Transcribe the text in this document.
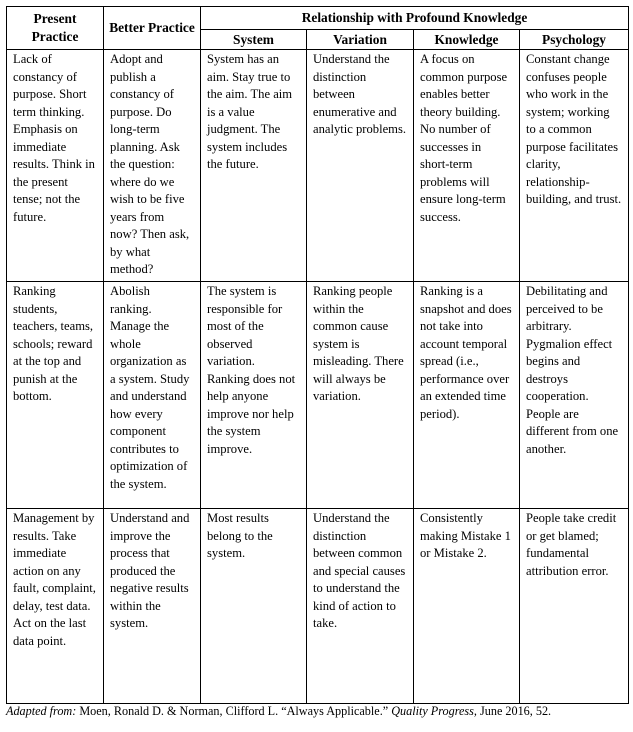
Present Practice	Better Practice	Relationship with Profound Knowledge			
		System	Variation	Knowledge	Psychology

Lack of constancy of purpose. Short term thinking. Emphasis on immediate results. Think in the present tense; not the future.	Adopt and publish a constancy of purpose. Do long-term planning. Ask the question: where do we wish to be five years from now? Then ask, by what method?	System has an aim. Stay true to the aim. The aim is a value judgment. The system includes the future.	Understand the distinction between enumerative and analytic problems.	A focus on common purpose enables better theory building. No number of successes in short-term problems will ensure long-term success.	Constant change confuses people who work in the system; working to a common purpose facilitates clarity, relationship-building, and trust.

Ranking students, teachers, teams, schools; reward at the top and punish at the bottom.	Abolish ranking. Manage the whole organization as a system. Study and understand how every component contributes to optimization of the system.	The system is responsible for most of the observed variation. Ranking does not help anyone improve nor help the system improve.	Ranking people within the common cause system is misleading. There will always be variation.	Ranking is a snapshot and does not take into account temporal spread (i.e., performance over an extended time period).	Debilitating and perceived to be arbitrary. Pygmalion effect begins and destroys cooperation. People are different from one another.

Management by results. Take immediate action on any fault, complaint, delay, test data. Act on the last data point.	Understand and improve the process that produced the negative results within the system.	Most results belong to the system.	Understand the distinction between common and special causes to understand the kind of action to take.	Consistently making Mistake 1 or Mistake 2.	People take credit or get blamed; fundamental attribution error.
Adapted from: Moen, Ronald D. & Norman, Clifford L. “Always Applicable.” Quality Progress, June 2016, 52.
